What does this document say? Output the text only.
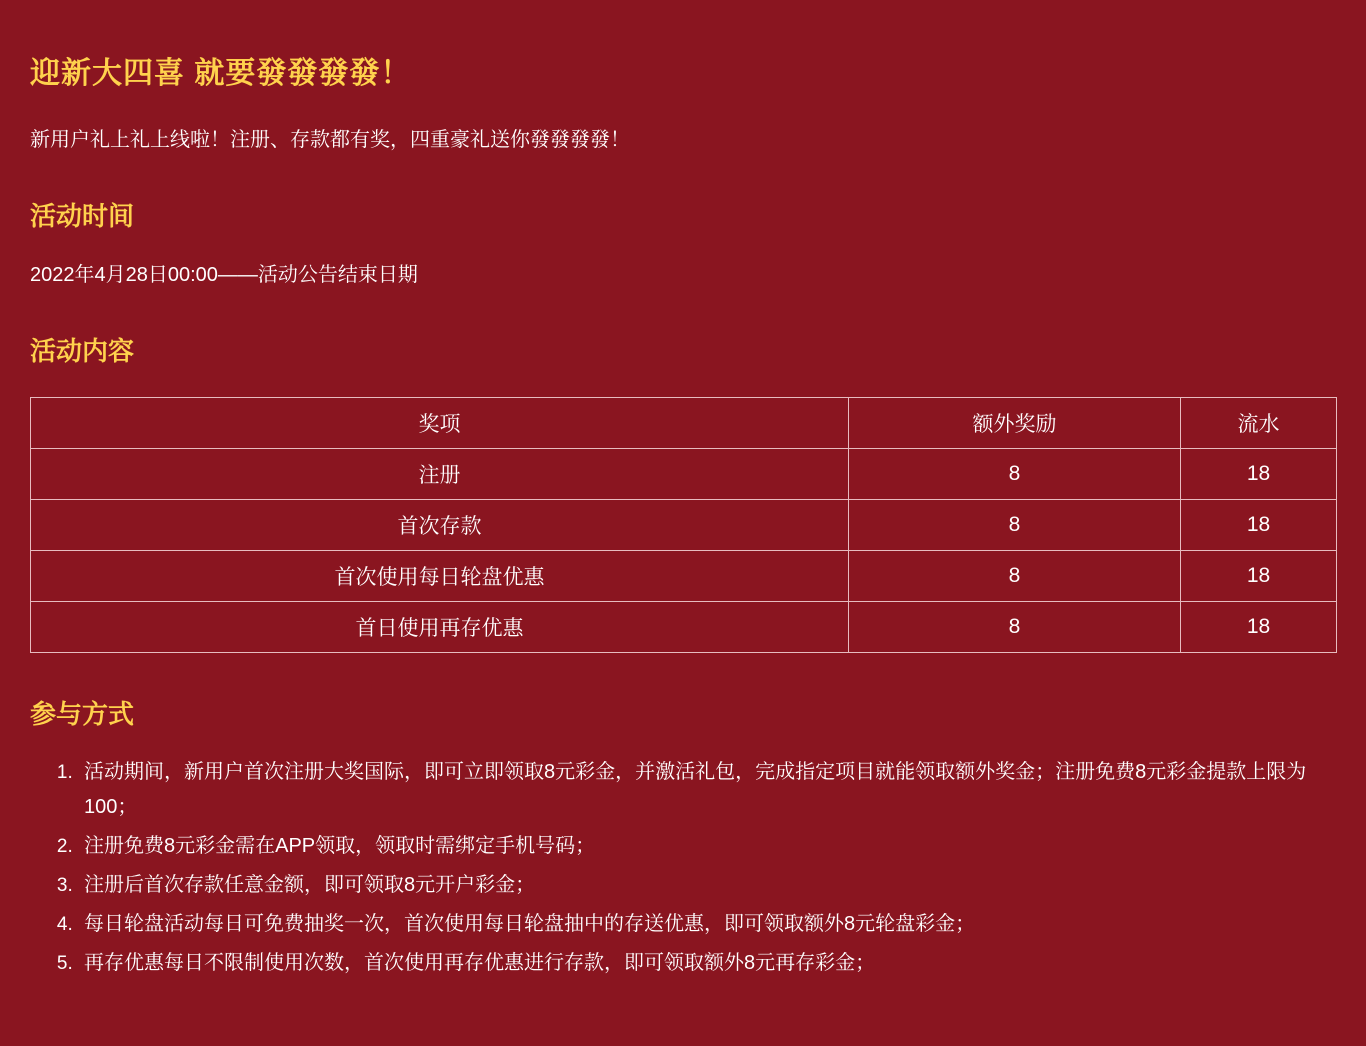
迎新大四喜 就要發發發發！

新用户礼上礼上线啦！注册、存款都有奖，四重豪礼送你發發發發！

活动时间

2022年4月28日00:00——活动公告结束日期

活动内容
奖项	额外奖励	流水
注册	8	18
首次存款	8	18
首次使用每日轮盘优惠	8	18
首日使用再存优惠	8	18
参与方式
1. 活动期间，新用户首次注册大奖国际，即可立即领取8元彩金，并激活礼包，完成指定项目就能领取额外奖金；注册免费8元彩金提款上限为100；
2. 注册免费8元彩金需在APP领取，领取时需绑定手机号码；
3. 注册后首次存款任意金额，即可领取8元开户彩金；
4. 每日轮盘活动每日可免费抽奖一次，首次使用每日轮盘抽中的存送优惠，即可领取额外8元轮盘彩金；
5. 再存优惠每日不限制使用次数，首次使用再存优惠进行存款，即可领取额外8元再存彩金；
